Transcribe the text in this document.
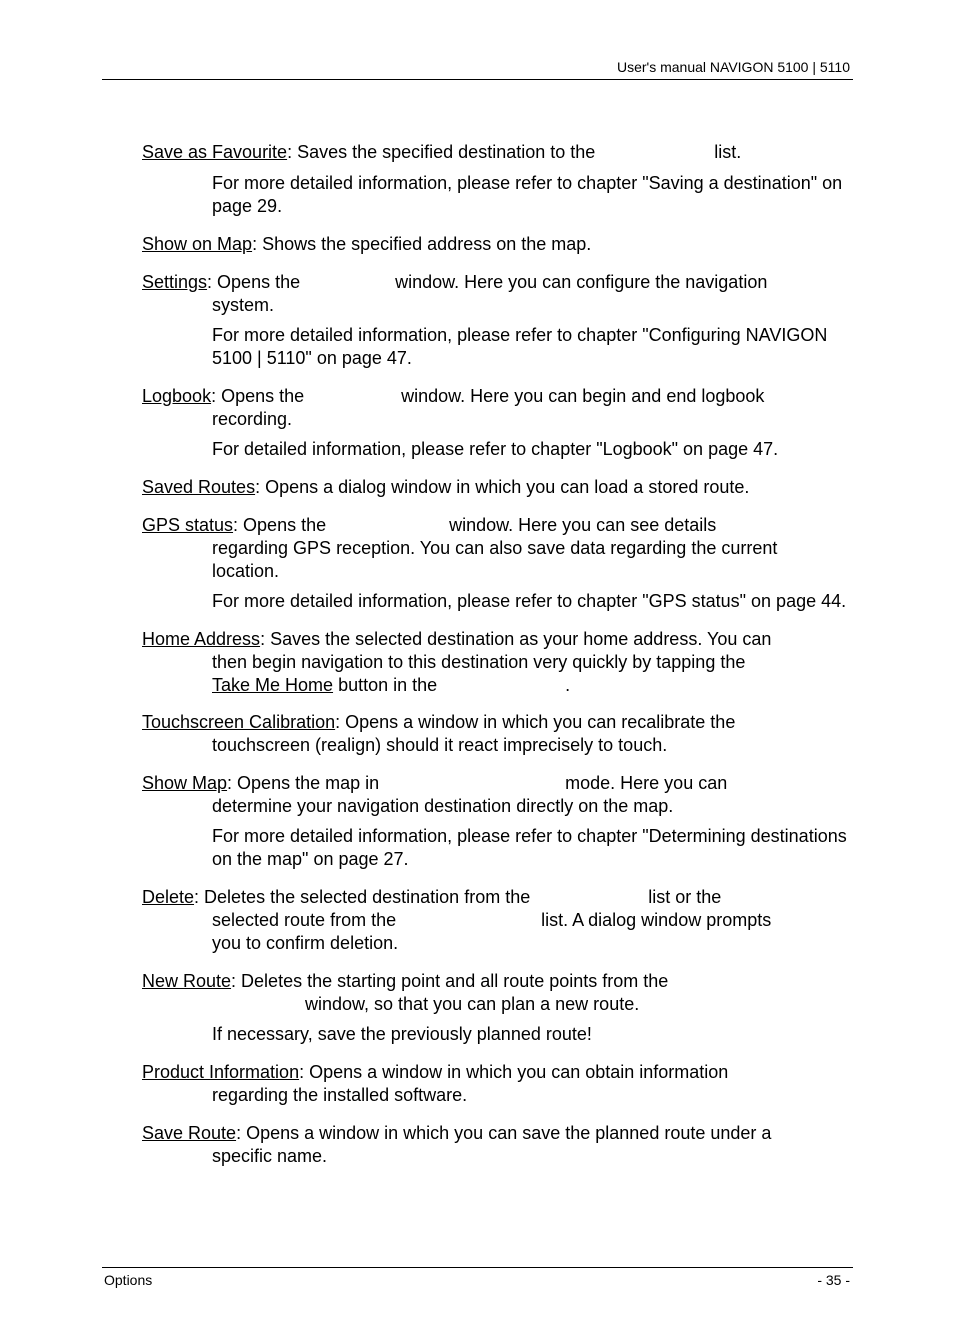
User's manual NAVIGON 5100 | 5110

Save as Favourite: Saves the specified destination to the	list.

For more detailed information, please refer to chapter "Saving a destination" on page 29.

Show on Map: Shows the specified address on the map.

Settings: Opens the	window. Here you can configure the navigation
system.

For more detailed information, please refer to chapter "Configuring NAVIGON 5100 | 5110" on page 47.

Logbook: Opens the	window. Here you can begin and end logbook
recording.

For detailed information, please refer to chapter "Logbook" on page 47.

Saved Routes: Opens a dialog window in which you can load a stored route.

GPS status: Opens the	window. Here you can see details
regarding GPS reception. You can also save data regarding the current location.

For more detailed information, please refer to chapter "GPS status" on page 44.

Home Address: Saves the selected destination as your home address. You can
then begin navigation to this destination very quickly by tapping the
Take Me Home button in the	.

Touchscreen Calibration: Opens a window in which you can recalibrate the
touchscreen (realign) should it react imprecisely to touch.

Show Map: Opens the map in	mode. Here you can
determine your navigation destination directly on the map.

For more detailed information, please refer to chapter "Determining destinations on the map" on page 27.

Delete: Deletes the selected destination from the	list or the
selected route from the	list. A dialog window prompts
you to confirm deletion.

New Route: Deletes the starting point and all route points from the
window, so that you can plan a new route.

If necessary, save the previously planned route!

Product Information: Opens a window in which you can obtain information
regarding the installed software.

Save Route: Opens a window in which you can save the planned route under a
specific name.

Options	- 35 -
